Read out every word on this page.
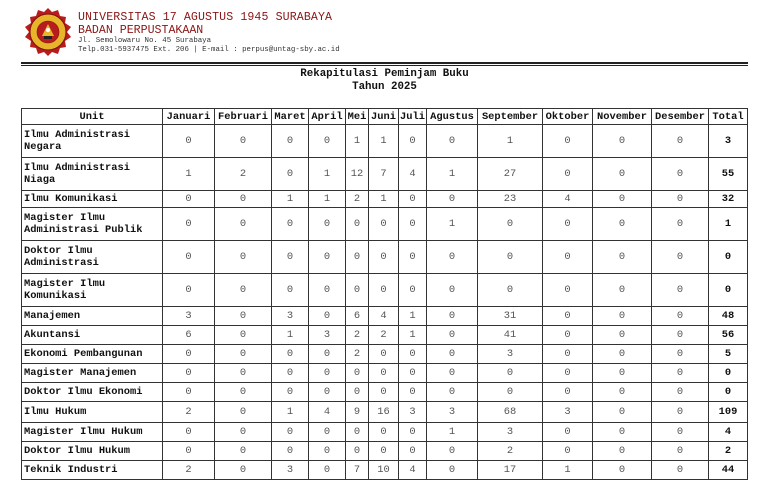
UNIVERSITAS 17 AGUSTUS 1945 SURABAYA
BADAN PERPUSTAKAAN
Jl. Semolowaru No. 45 Surabaya
Telp.031-5937475 Ext. 206 | E-mail : perpus@untag-sby.ac.id
Rekapitulasi Peminjam Buku
Tahun 2025
Unit	Januari	Februari	Maret	April	Mei	Juni	Juli	Agustus	September	Oktober	November	Desember	Total
Ilmu Administrasi Negara	0	0	0	0	1	1	0	0	1	0	0	0	3
Ilmu Administrasi Niaga	1	2	0	1	12	7	4	1	27	0	0	0	55
Ilmu Komunikasi	0	0	1	1	2	1	0	0	23	4	0	0	32
Magister Ilmu Administrasi Publik	0	0	0	0	0	0	0	1	0	0	0	0	1
Doktor Ilmu Administrasi	0	0	0	0	0	0	0	0	0	0	0	0	0
Magister Ilmu Komunikasi	0	0	0	0	0	0	0	0	0	0	0	0	0
Manajemen	3	0	3	0	6	4	1	0	31	0	0	0	48
Akuntansi	6	0	1	3	2	2	1	0	41	0	0	0	56
Ekonomi Pembangunan	0	0	0	0	2	0	0	0	3	0	0	0	5
Magister Manajemen	0	0	0	0	0	0	0	0	0	0	0	0	0
Doktor Ilmu Ekonomi	0	0	0	0	0	0	0	0	0	0	0	0	0
Ilmu Hukum	2	0	1	4	9	16	3	3	68	3	0	0	109
Magister Ilmu Hukum	0	0	0	0	0	0	0	1	3	0	0	0	4
Doktor Ilmu Hukum	0	0	0	0	0	0	0	0	2	0	0	0	2
Teknik Industri	2	0	3	0	7	10	4	0	17	1	0	0	44
